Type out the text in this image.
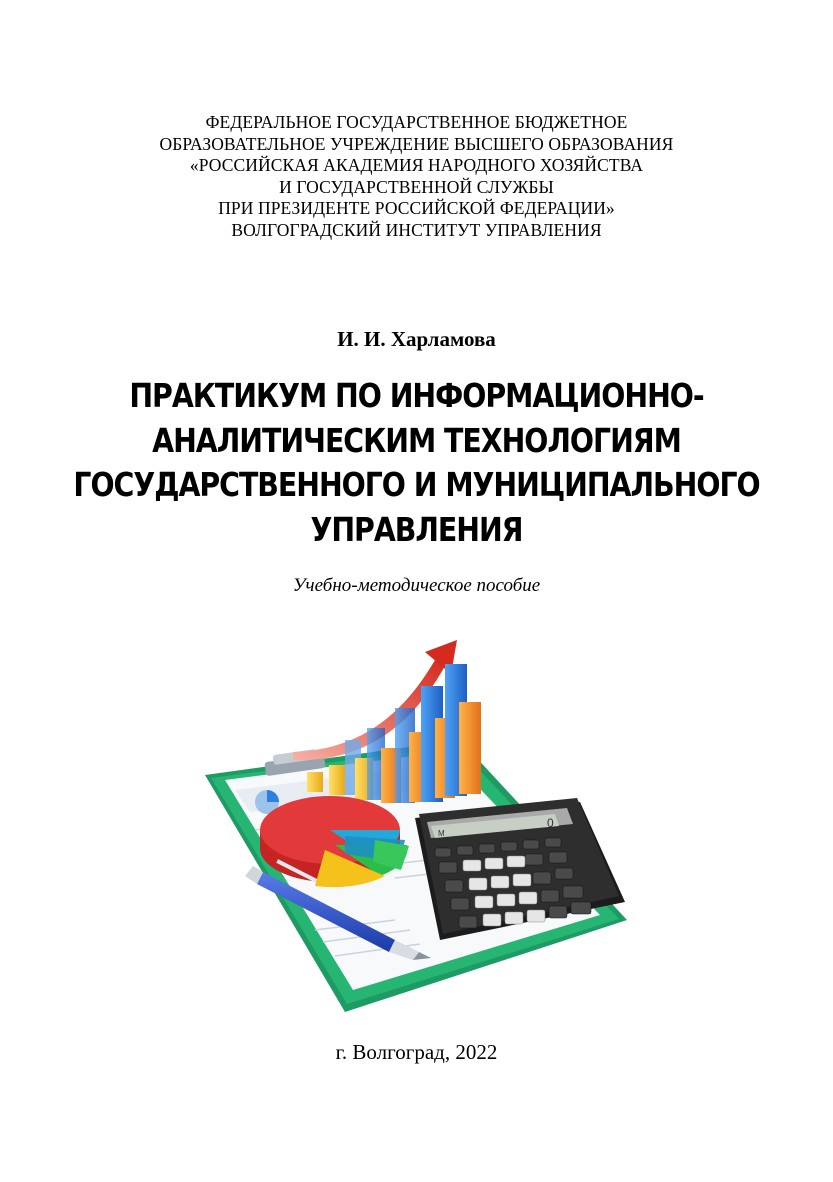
ФЕДЕРАЛЬНОЕ ГОСУДАРСТВЕННОЕ БЮДЖЕТНОЕ
ОБРАЗОВАТЕЛЬНОЕ УЧРЕЖДЕНИЕ ВЫСШЕГО ОБРАЗОВАНИЯ
«РОССИЙСКАЯ АКАДЕМИЯ НАРОДНОГО ХОЗЯЙСТВА
И ГОСУДАРСТВЕННОЙ СЛУЖБЫ
ПРИ ПРЕЗИДЕНТЕ РОССИЙСКОЙ ФЕДЕРАЦИИ»
ВОЛГОГРАДСКИЙ ИНСТИТУТ УПРАВЛЕНИЯ
И. И. Харламова
ПРАКТИКУМ ПО ИНФОРМАЦИОННО-
АНАЛИТИЧЕСКИМ ТЕХНОЛОГИЯМ
ГОСУДАРСТВЕННОГО И МУНИЦИПАЛЬНОГО
УПРАВЛЕНИЯ
Учебно-методическое пособие
M
0
г. Волгоград, 2022
